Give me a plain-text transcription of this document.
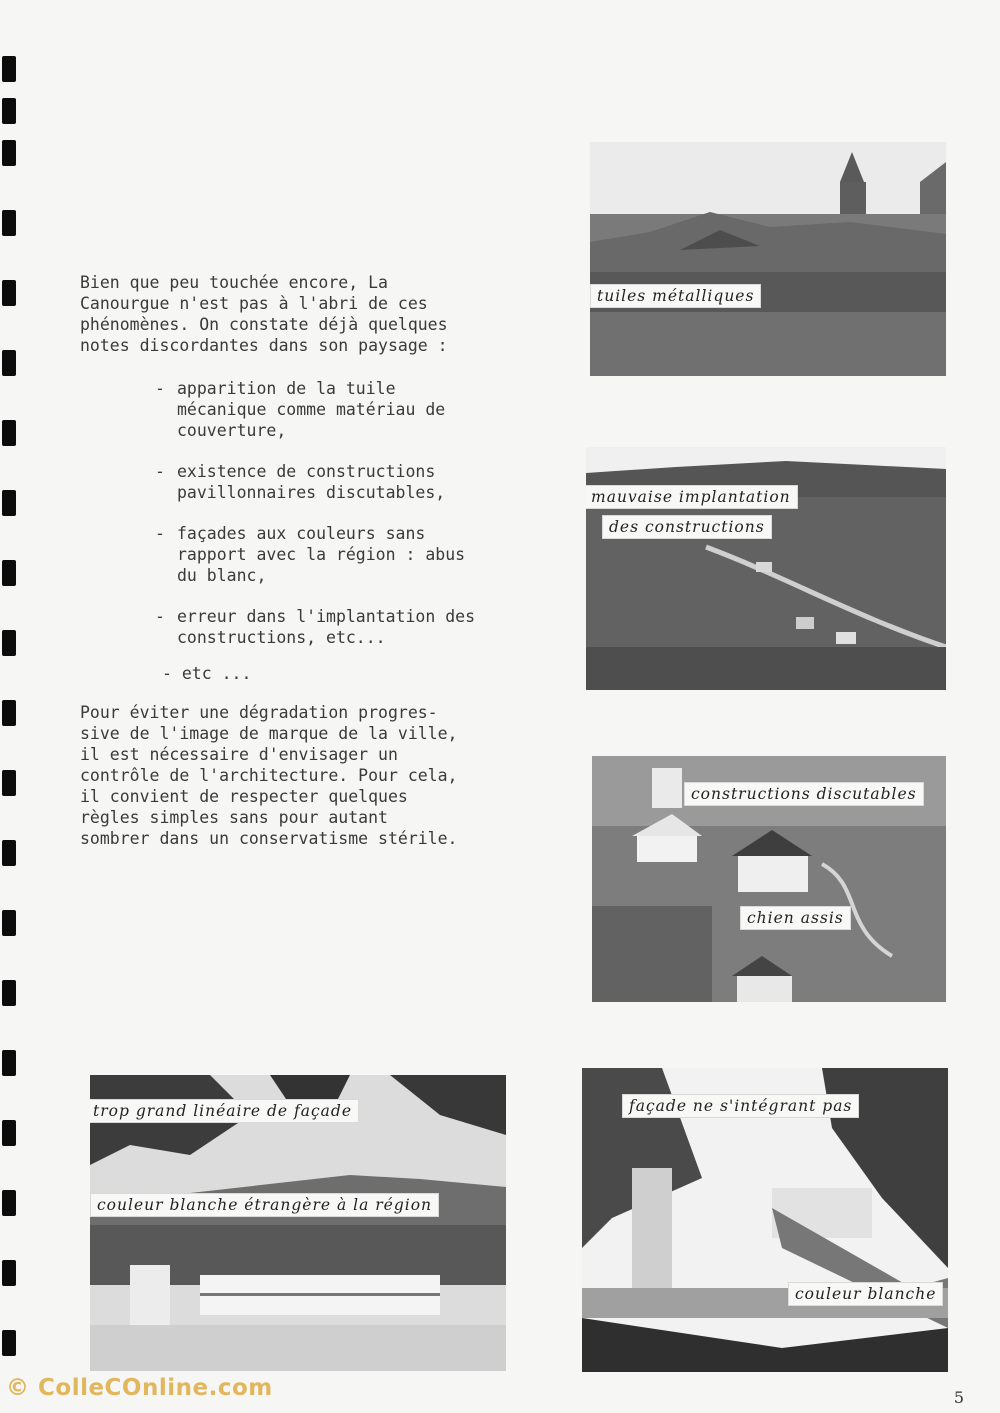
Bien que peu touchée encore, La

Canourgue n'est pas à l'abri de ces

phénomènes. On constate déjà quelques

notes discordantes dans son paysage :

- apparition de la tuile mécanique comme matériau de couverture,
- existence de constructions pavillonnaires discutables,
- façades aux couleurs sans rapport avec la région : abus du blanc,
- erreur dans l'implantation des constructions, etc...
- etc ...

Pour éviter une dégradation progres-

sive de l'image de marque de la ville,

il est nécessaire d'envisager un

contrôle de l'architecture. Pour cela,

il convient de respecter quelques

règles simples sans pour autant

sombrer dans un conservatisme stérile.

tuiles métalliques
mauvaise implantation
des constructions
constructions discutables
chien assis
trop grand linéaire de façade
couleur blanche étrangère à la région
façade ne s'intégrant pas
couleur blanche
5
© ColleCOnline.com
